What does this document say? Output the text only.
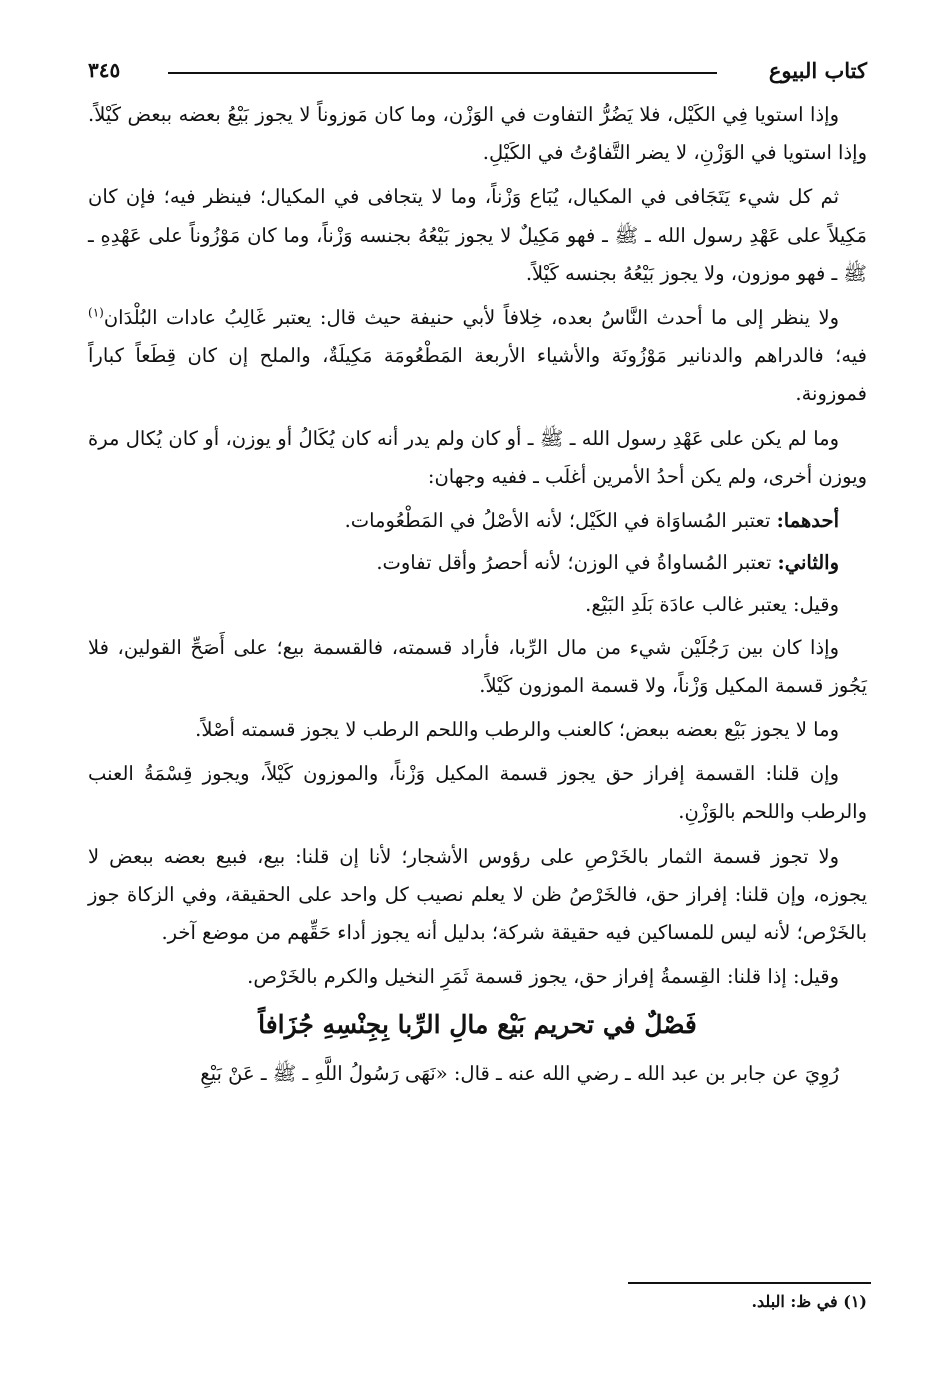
كتاب البيوع
٣٤٥

وإذا استويا فِي الكَيْل، فلا يَضُرُّ التفاوت في الوَزْن، وما كان مَوزوناً لا يجوز بَيْعُ بعضه ببعض كَيْلاً. وإذا استويا في الوَزْنِ، لا يضر التَّفاوُتُ في الكَيْلِ.

ثم كل شيء يَتَجَافى في المكيال، يُبَاع وَزْناً، وما لا يتجافى في المكيال؛ فينظر فيه؛ فإن كان مَكِيلاً على عَهْدِ رسول الله ـ ﷺ ـ فهو مَكِيلٌ لا يجوز بَيْعُهُ بجنسه وَزْناً، وما كان مَوْزُوناً على عَهْدِهِ ـ ﷺ ـ فهو موزون، ولا يجوز بَيْعُهُ بجنسه كَيْلاً.

ولا ينظر إلى ما أحدث النَّاسُ بعده، خِلافاً لأبي حنيفة حيث قال: يعتبر غَالِبُ عادات البُلْدَان$^{(١)}$ فيه؛ فالدراهم والدنانير مَوْزُونَة والأشياء الأربعة المَطْعُومَة مَكِيلَةٌ، والملح إن كان قِطَعاً كباراً فموزونة.

وما لم يكن على عَهْدِ رسول الله ـ ﷺ ـ أو كان ولم يدر أنه كان يُكَالُ أو يوزن، أو كان يُكال مرة ويوزن أخرى، ولم يكن أحدُ الأمرين أغلَب ـ ففيه وجهان:

أحدهما: تعتبر المُساوَاة في الكَيْل؛ لأنه الأصْلُ في المَطْعُومات.

والثاني: تعتبر المُساواةُ في الوزن؛ لأنه أحصرُ وأقل تفاوت.

وقيل: يعتبر غالب عادَة بَلَدِ البَيْع.

وإذا كان بين رَجُلَيْن شيء من مال الرِّبا، فأراد قسمته، فالقسمة بيع؛ على أَصَحِّ القولين، فلا يَجُوز قسمة المكيل وَزْناً، ولا قسمة الموزون كَيْلاً.

وما لا يجوز بَيْع بعضه ببعض؛ كالعنب والرطب واللحم الرطب لا يجوز قسمته أصْلاً.

وإن قلنا: القسمة إفراز حق يجوز قسمة المكيل وَزْناً، والموزون كَيْلاً، ويجوز قِسْمَةُ العنب والرطب واللحم بالوَزْنِ.

ولا تجوز قسمة الثمار بالخَرْصِ على رؤوس الأشجار؛ لأنا إن قلنا: بيع، فبيع بعضه ببعض لا يجوزه، وإن قلنا: إفراز حق، فالخَرْصُ ظن لا يعلم نصيب كل واحد على الحقيقة، وفي الزكاة جوز بالخَرْص؛ لأنه ليس للمساكين فيه حقيقة شركة؛ بدليل أنه يجوز أداء حَقِّهم من موضع آخر.

وقيل: إذا قلنا: القِسمةُ إفراز حق، يجوز قسمة ثَمَرِ النخيل والكرم بالخَرْص.

فَصْلٌ في تحريم بَيْع مالِ الرِّبا بِجِنْسِهِ جُزَافاً

رُوِيَ عن جابر بن عبد الله ـ رضي الله عنه ـ قال: «نَهَى رَسُولُ اللَّهِ ـ ﷺ ـ عَنْ بَيْعِ

(١) في ظ: البلد.
